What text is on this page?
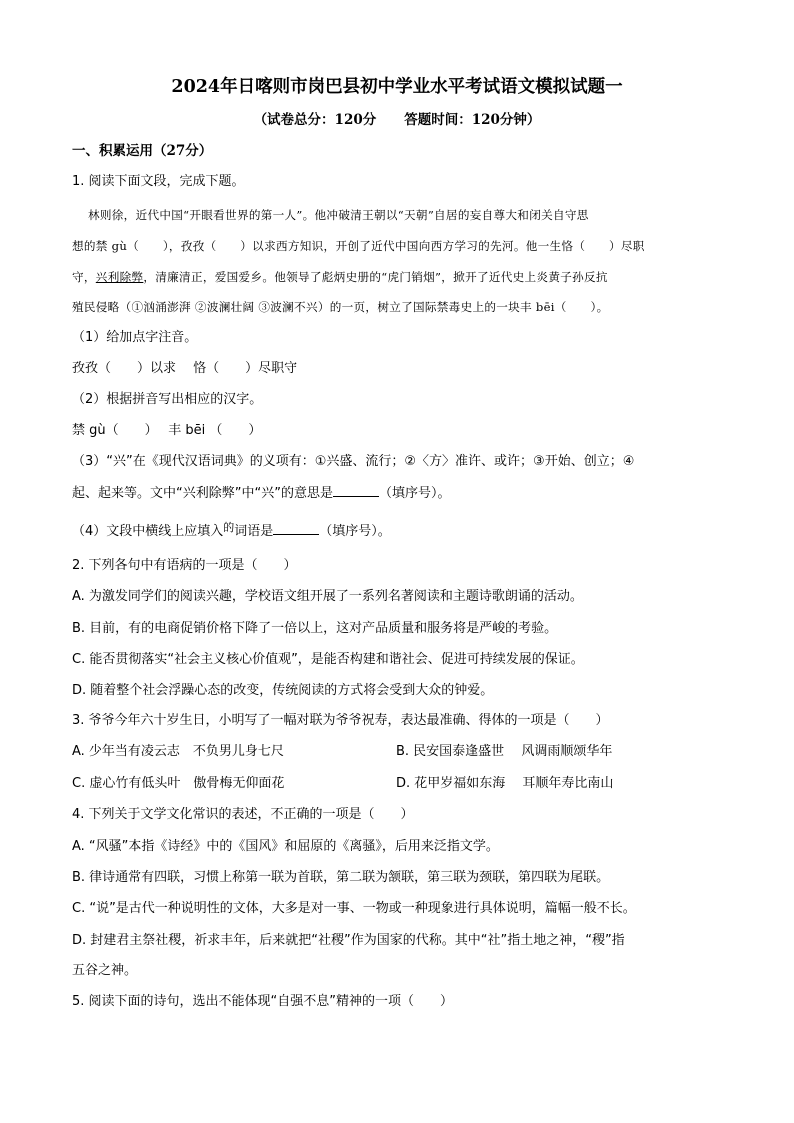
2024年日喀则市岗巴县初中学业水平考试语文模拟试题一
（试卷总分：120分 答题时间：120分钟）
一、积累运用（27分）
1. 阅读下面文段，完成下题。
林则徐，近代中国“开眼看世界的第一人”。他冲破清王朝以“天朝”自居的妄自尊大和闭关自守思
想的禁 gù（　　），孜孜（　　）以求西方知识，开创了近代中国向西方学习的先河。他一生恪（　　）尽职
守，兴利除弊，清廉清正，爱国爱乡。他领导了彪炳史册的“虎门销烟”，掀开了近代史上炎黄子孙反抗
殖民侵略（①汹涌澎湃 ②波澜壮阔 ③波澜不兴）的一页，树立了国际禁毒史上的一块丰 bēi（　　）。
（1）给加点字注音。
孜孜（　　）以求　 恪（　　）尽职守
（2）根据拼音写出相应的汉字。
禁 gù（　　）　 丰 bēi （　　）
（3）“兴”在《现代汉语词典》的义项有：①兴盛、流行；②〈方〉准许、或许；③开始、创立；④
起、起来等。文中“兴利除弊”中“兴”的意思是	（填序号）。
（4）文段中横线上应填入$^的$词语是	（填序号）。
2. 下列各句中有语病的一项是（　　）
A. 为激发同学们的阅读兴趣，学校语文组开展了一系列名著阅读和主题诗歌朗诵的活动。
B. 目前，有的电商促销价格下降了一倍以上，这对产品质量和服务将是严峻的考验。
C. 能否贯彻落实“社会主义核心价值观”，是能否构建和谐社会、促进可持续发展的保证。
D. 随着整个社会浮躁心态的改变，传统阅读的方式将会受到大众的钟爱。
3. 爷爷今年六十岁生日，小明写了一幅对联为爷爷祝寿，表达最准确、得体的一项是（　　）
A. 少年当有凌云志　不负男儿身七尺	B. 民安国泰逢盛世　 风调雨顺颂华年
C. 虚心竹有低头叶　傲骨梅无仰面花	D. 花甲岁福如东海　 耳顺年寿比南山
4. 下列关于文学文化常识的表述，不正确的一项是（　　）
A. “风骚”本指《诗经》中的《国风》和屈原的《离骚》，后用来泛指文学。
B. 律诗通常有四联，习惯上称第一联为首联，第二联为颔联，第三联为颈联，第四联为尾联。
C. “说”是古代一种说明性的文体，大多是对一事、一物或一种现象进行具体说明，篇幅一般不长。
D. 封建君主祭社稷，祈求丰年，后来就把“社稷”作为国家的代称。其中“社”指土地之神，“稷”指
五谷之神。
5. 阅读下面的诗句，选出不能体现“自强不息”精神的一项（　　）
